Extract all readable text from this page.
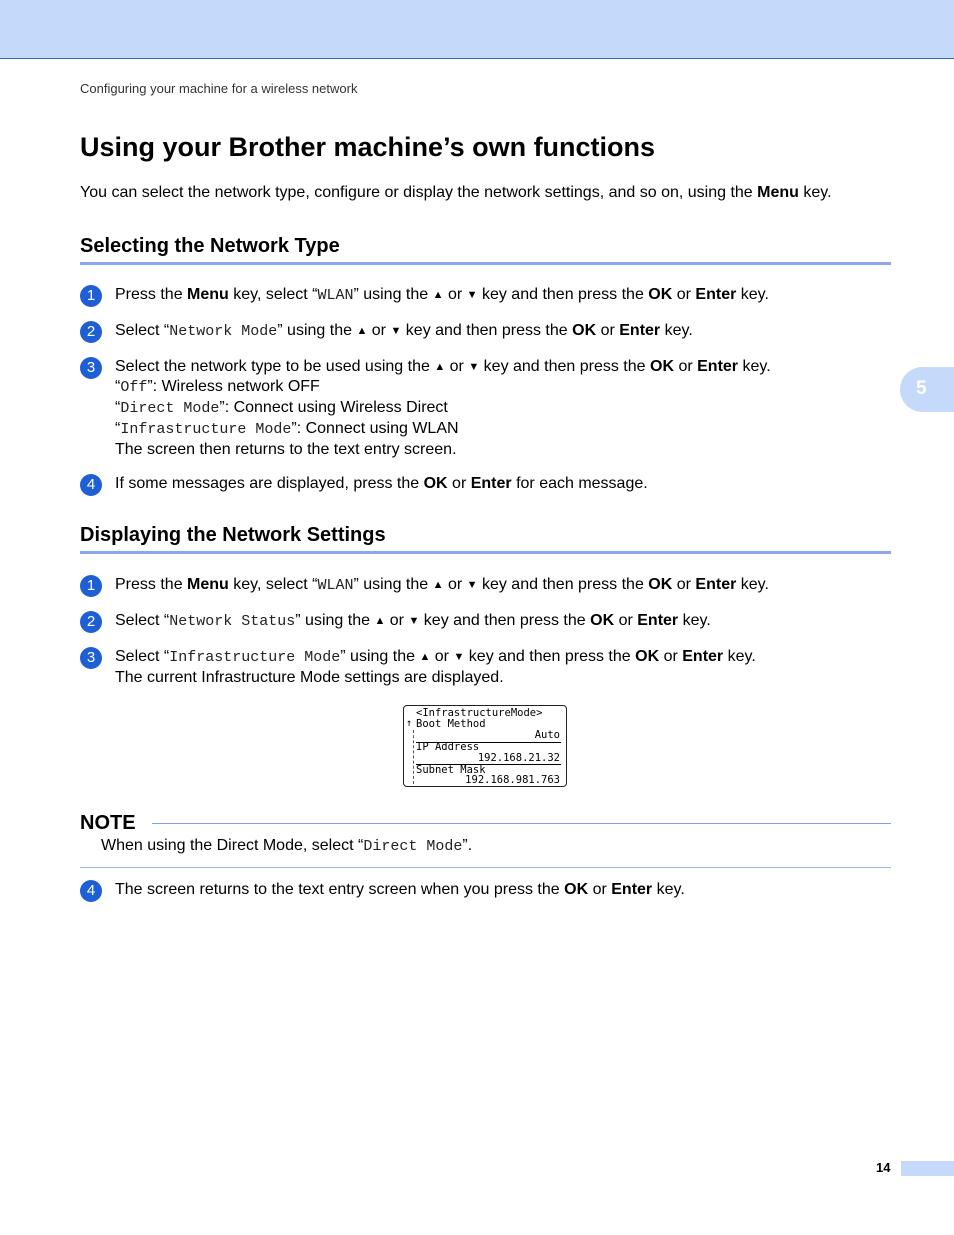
Configuring your machine for a wireless network
Using your Brother machine’s own functions

You can select the network type, configure or display the network settings, and so on, using the Menu key.

5
Selecting the Network Type
1	Press the Menu key, select “WLAN” using the ▲ or ▼ key and then press the OK or Enter key.
2	Select “Network Mode” using the ▲ or ▼ key and then press the OK or Enter key.
3	Select the network type to be used using the ▲ or ▼ key and then press the OK or Enter key.
“Off”: Wireless network OFF
“Direct Mode”: Connect using Wireless Direct
“Infrastructure Mode”: Connect using WLAN
The screen then returns to the text entry screen.
4	If some messages are displayed, press the OK or Enter for each message.
Displaying the Network Settings
1	Press the Menu key, select “WLAN” using the ▲ or ▼ key and then press the OK or Enter key.
2	Select “Network Status” using the ▲ or ▼ key and then press the OK or Enter key.
3	Select “Infrastructure Mode” using the ▲ or ▼ key and then press the OK or Enter key.
The current Infrastructure Mode settings are displayed.
<InfrastructureMode>
↑ Boot Method
Auto
IP Address
192.168.21.32
Subnet Mask
192.168.981.763
NOTE
When using the Direct Mode, select “Direct Mode”.
4	The screen returns to the text entry screen when you press the OK or Enter key.
14
